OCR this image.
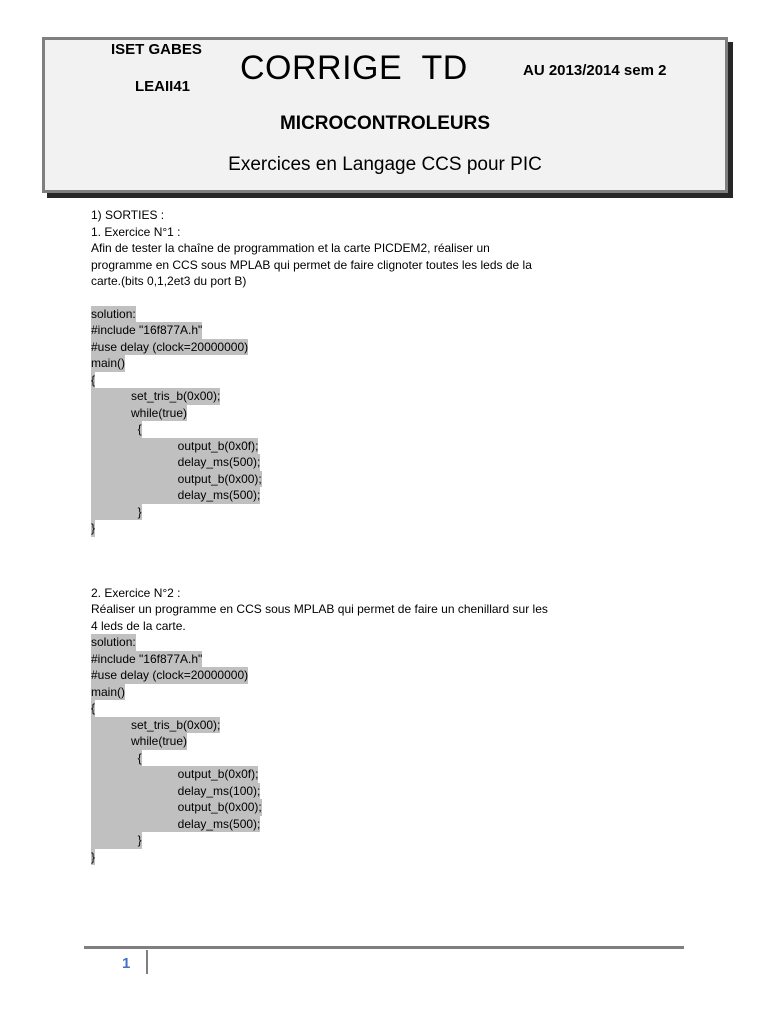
ISET GABES
LEAII41 CORRIGE  TD	AU 2013/2014 sem 2
MICROCONTROLEURS
Exercices en Langage CCS pour PIC
1) SORTIES :
1. Exercice N°1 :
Afin de tester la chaîne de programmation et la carte PICDEM2, réaliser un
programme en CCS sous MPLAB qui permet de faire clignoter toutes les leds de la
carte.(bits 0,1,2et3 du port B)
solution:
#include "16f877A.h"
#use delay (clock=20000000)
main()
{
set_tris_b(0x00);
while(true)
{
output_b(0x0f);
delay_ms(500);
output_b(0x00);
delay_ms(500);
}
}
2. Exercice N°2 :
Réaliser un programme en CCS sous MPLAB qui permet de faire un chenillard sur les
4 leds de la carte.
solution:
#include "16f877A.h"
#use delay (clock=20000000)
main()
{
set_tris_b(0x00);
while(true)
{
output_b(0x0f);
delay_ms(100);
output_b(0x00);
delay_ms(500);
}
}
1
